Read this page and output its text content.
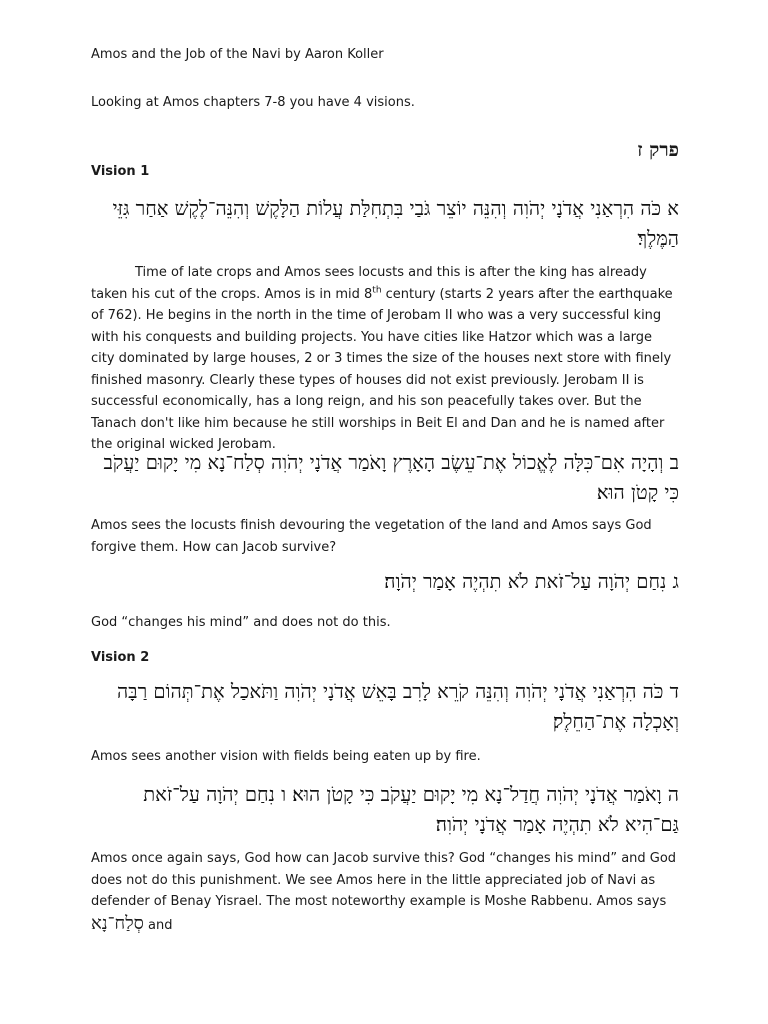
Amos and the Job of the Navi by Aaron Koller

Looking at Amos chapters 7-8 you have 4 visions.

פרק ז

Vision 1

א כֹּה הִרְאַנִי אֲדֹנָי יְהֹוִה וְהִנֵּה יוֹצֵר גֹּבַי בִּתְחִלַּת עֲלוֹת הַלָּקֶשׁ וְהִנֵּה־לֶקֶשׁ אַחַר גִּזֵּי הַמֶּלֶךְ׃

Time of late crops and Amos sees locusts and this is after the king has already taken his cut of the crops. Amos is in mid 8th century (starts 2 years after the earthquake of 762). He begins in the north in the time of Jerobam II who was a very successful king with his conquests and building projects. You have cities like Hatzor which was a large city dominated by large houses, 2 or 3 times the size of the houses next store with finely finished masonry. Clearly these types of houses did not exist previously. Jerobam II is successful economically, has a long reign, and his son peacefully takes over. But the Tanach don't like him because he still worships in Beit El and Dan and he is named after the original wicked Jerobam.

ב וְהָיָה אִם־כִּלָּה לֶאֱכוֹל אֶת־עֵשֶׂב הָאָרֶץ וָאֹמַר אֲדֹנָי יְהֹוִה סְלַח־נָא מִי יָקוּם יַעֲקֹב כִּי קָטֹן הוּא׃

Amos sees the locusts finish devouring the vegetation of the land and Amos says God forgive them. How can Jacob survive?

ג נִחַם יְהֹוָה עַל־זֹאת לֹא תִהְיֶה אָמַר יְהֹוָה׃

God “changes his mind” and does not do this.

Vision 2

ד כֹּה הִרְאַנִי אֲדֹנָי יְהֹוִה וְהִנֵּה קֹרֵא לָרִב בָּאֵשׁ אֲדֹנָי יְהֹוִה וַתֹּאכַל אֶת־תְּהוֹם רַבָּה וְאָכְלָה אֶת־הַחֵלֶק׃

Amos sees another vision with fields being eaten up by fire.

ה וָאֹמַר אֲדֹנָי יְהֹוִה חֲדַל־נָא מִי יָקוּם יַעֲקֹב כִּי קָטֹן הוּא׃ ו נִחַם יְהֹוָה עַל־זֹאת גַּם־הִיא לֹא תִהְיֶה אָמַר אֲדֹנָי יְהֹוִה׃

Amos once again says, God how can Jacob survive this? God “changes his mind” and God does not do this punishment. We see Amos here in the little appreciated job of Navi as defender of Benay Yisrael. The most noteworthy example is Moshe Rabbenu. Amos says סְלַח־נָא and
